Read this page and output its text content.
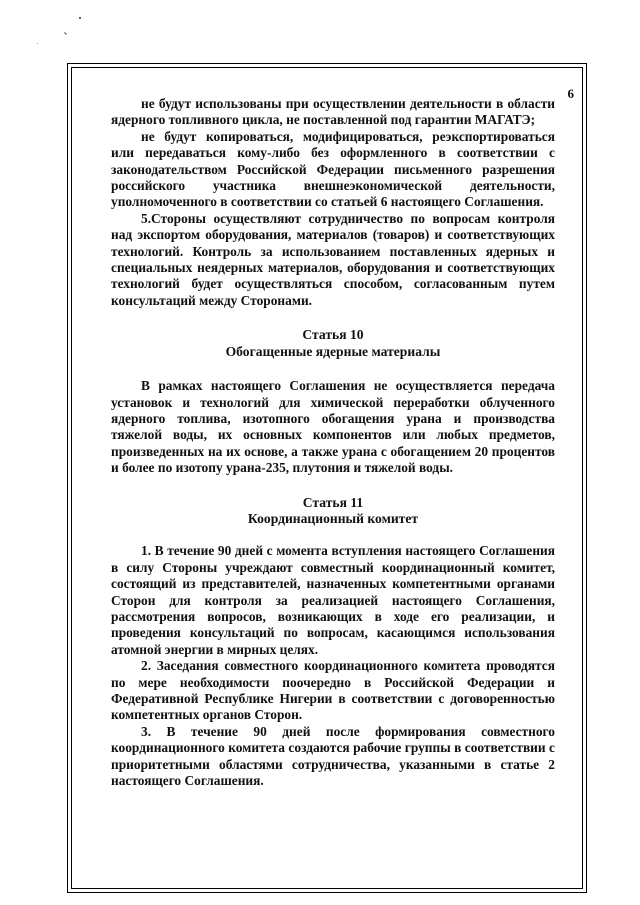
6

не будут использованы при осуществлении деятельности в области ядерного топливного цикла, не поставленной под гарантии МАГАТЭ;

не будут копироваться, модифицироваться, реэкспортироваться или передаваться кому-либо без оформленного в соответствии с законодательством Российской Федерации письменного разрешения российского участника внешнеэкономической деятельности, уполномоченного в соответствии со статьей 6 настоящего Соглашения.

5.Стороны осуществляют сотрудничество по вопросам контроля над экспортом оборудования, материалов (товаров) и соответствующих технологий. Контроль за использованием поставленных ядерных и специальных неядерных материалов, оборудования и соответствующих технологий будет осуществляться способом, согласованным путем консультаций между Сторонами.

Статья 10

Обогащенные ядерные материалы

В рамках настоящего Соглашения не осуществляется передача установок и технологий для химической переработки облученного ядерного топлива, изотопного обогащения урана и производства тяжелой воды, их основных компонентов или любых предметов, произведенных на их основе, а также урана с обогащением 20 процентов и более по изотопу урана-235, плутония и тяжелой воды.

Статья 11

Координационный комитет

1. В течение 90 дней с момента вступления настоящего Соглашения в силу Стороны учреждают совместный координационный комитет, состоящий из представителей, назначенных компетентными органами Сторон для контроля за реализацией настоящего Соглашения, рассмотрения вопросов, возникающих в ходе его реализации, и проведения консультаций по вопросам, касающимся использования атомной энергии в мирных целях.

2. Заседания совместного координационного комитета проводятся по мере необходимости поочередно в Российской Федерации и Федеративной Республике Нигерии в соответствии с договоренностью компетентных органов Сторон.

3. В течение 90 дней после формирования совместного координационного комитета создаются рабочие группы в соответствии с приоритетными областями сотрудничества, указанными в статье 2 настоящего Соглашения.
